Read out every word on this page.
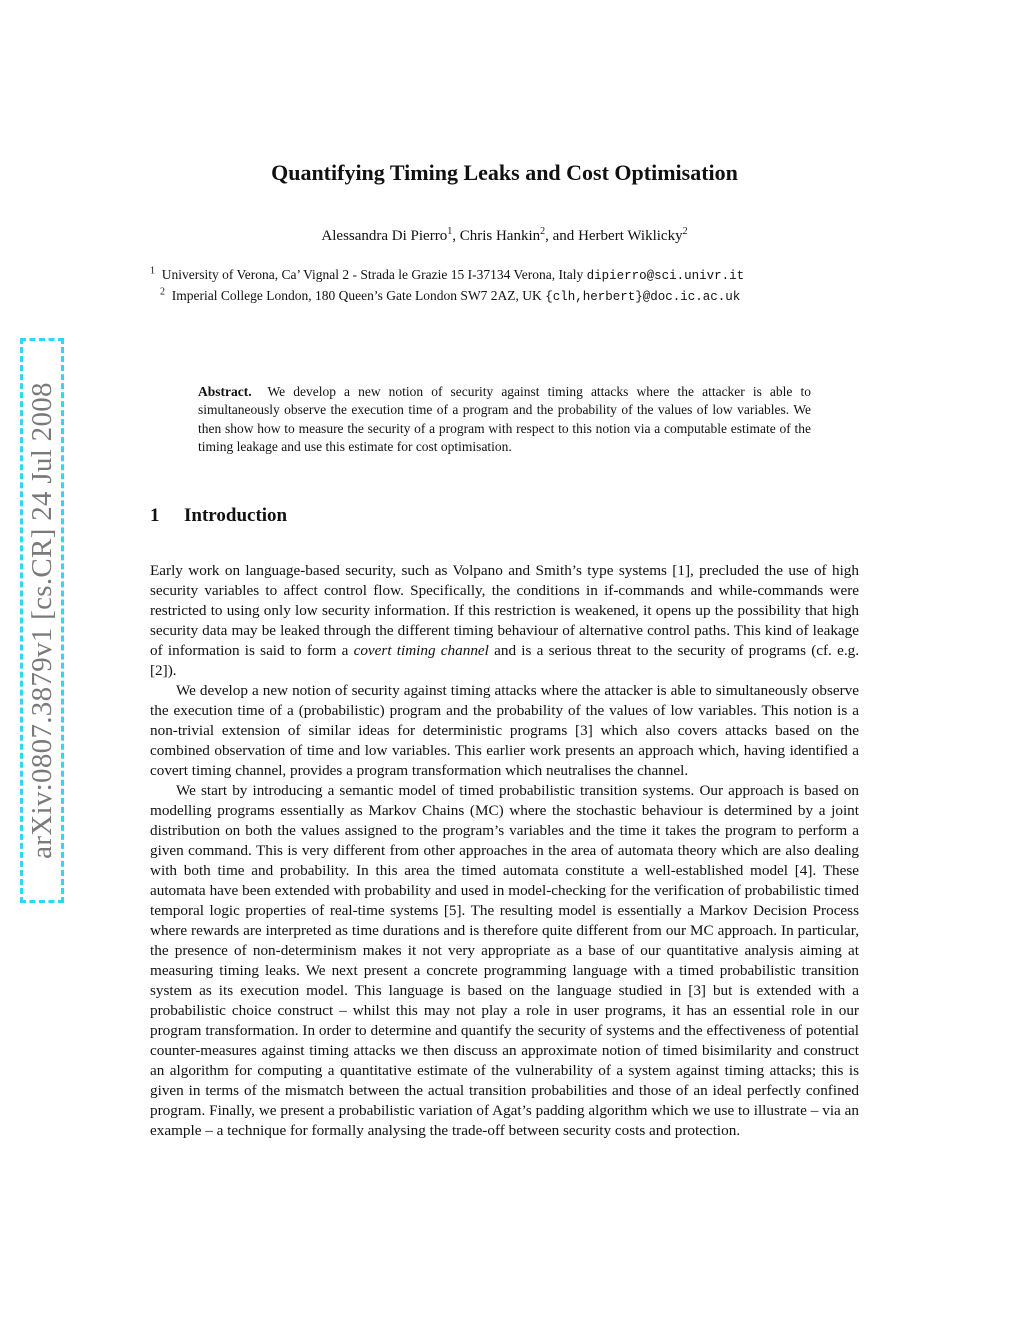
arXiv:0807.3879v1 [cs.CR] 24 Jul 2008
Quantifying Timing Leaks and Cost Optimisation
Alessandra Di Pierro$^1$, Chris Hankin$^2$, and Herbert Wiklicky$^2$
$^1$ University of Verona, Ca’ Vignal 2 - Strada le Grazie 15 I-37134 Verona, Italy dipierro@sci.univr.it
$^2$ Imperial College London, 180 Queen’s Gate London SW7 2AZ, UK {clh,herbert}@doc.ic.ac.uk
Abstract. We develop a new notion of security against timing attacks where the attacker is able to simultaneously observe the execution time of a program and the probability of the values of low variables. We then show how to measure the security of a program with respect to this notion via a computable estimate of the timing leakage and use this estimate for cost optimisation.
1 Introduction

Early work on language-based security, such as Volpano and Smith’s type systems [1], precluded the use of high security variables to affect control flow. Specifically, the conditions in if-commands and while-commands were restricted to using only low security information. If this restriction is weakened, it opens up the possibility that high security data may be leaked through the different timing behaviour of alternative control paths. This kind of leakage of information is said to form a covert timing channel and is a serious threat to the security of programs (cf. e.g. [2]).

We develop a new notion of security against timing attacks where the attacker is able to simultaneously observe the execution time of a (probabilistic) program and the probability of the values of low variables. This notion is a non-trivial extension of similar ideas for deterministic programs [3] which also covers attacks based on the combined observation of time and low variables. This earlier work presents an approach which, having identified a covert timing channel, provides a program transformation which neutralises the channel.

We start by introducing a semantic model of timed probabilistic transition systems. Our approach is based on modelling programs essentially as Markov Chains (MC) where the stochastic behaviour is determined by a joint distribution on both the values assigned to the program’s variables and the time it takes the program to perform a given command. This is very different from other approaches in the area of automata theory which are also dealing with both time and probability. In this area the timed automata constitute a well-established model [4]. These automata have been extended with probability and used in model-checking for the verification of probabilistic timed temporal logic properties of real-time systems [5]. The resulting model is essentially a Markov Decision Process where rewards are interpreted as time durations and is therefore quite different from our MC approach. In particular, the presence of non-determinism makes it not very appropriate as a base of our quantitative analysis aiming at measuring timing leaks. We next present a concrete programming language with a timed probabilistic transition system as its execution model. This language is based on the language studied in [3] but is extended with a probabilistic choice construct – whilst this may not play a role in user programs, it has an essential role in our program transformation. In order to determine and quantify the security of systems and the effectiveness of potential counter-measures against timing attacks we then discuss an approximate notion of timed bisimilarity and construct an algorithm for computing a quantitative estimate of the vulnerability of a system against timing attacks; this is given in terms of the mismatch between the actual transition probabilities and those of an ideal perfectly confined program. Finally, we present a probabilistic variation of Agat’s padding algorithm which we use to illustrate – via an example – a technique for formally analysing the trade-off between security costs and protection.
